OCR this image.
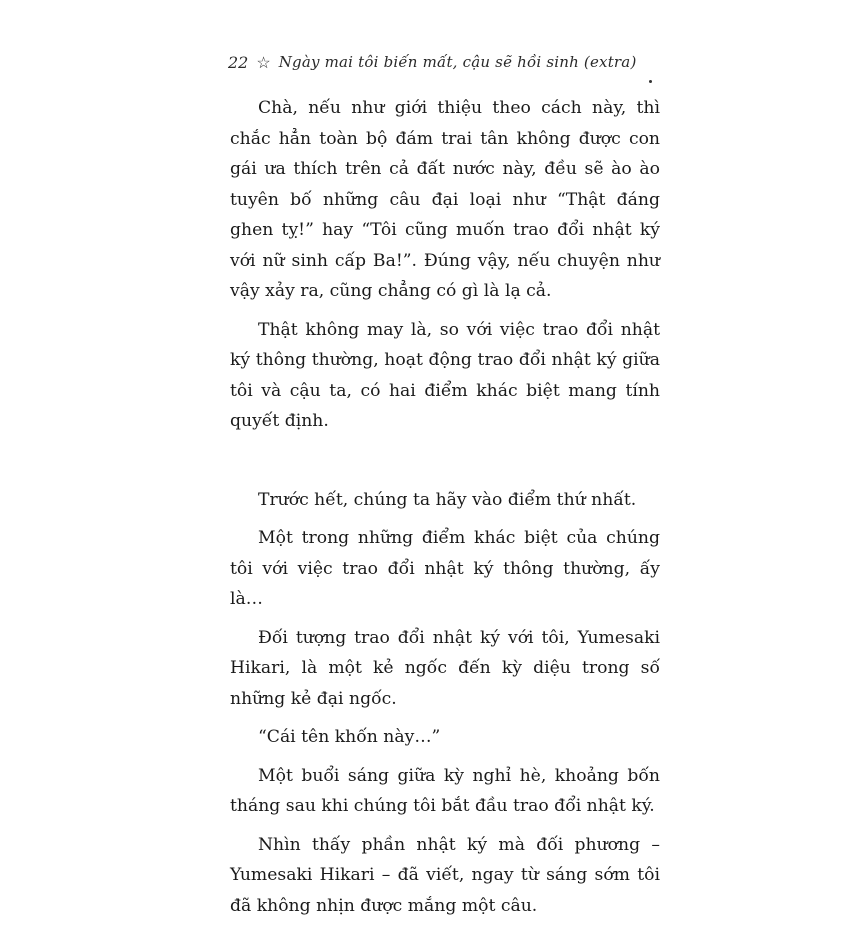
22 ☆ Ngày mai tôi biến mất, cậu sẽ hồi sinh (extra)

Chà, nếu như giới thiệu theo cách này, thì chắc hẳn toàn bộ đám trai tân không được con gái ưa thích trên cả đất nước này, đều sẽ ào ào tuyên bố những câu đại loại như “Thật đáng ghen tỵ!” hay “Tôi cũng muốn trao đổi nhật ký với nữ sinh cấp Ba!”. Đúng vậy, nếu chuyện như vậy xảy ra, cũng chẳng có gì là lạ cả.

Thật không may là, so với việc trao đổi nhật ký thông thường, hoạt động trao đổi nhật ký giữa tôi và cậu ta, có hai điểm khác biệt mang tính quyết định.

Trước hết, chúng ta hãy vào điểm thứ nhất.

Một trong những điểm khác biệt của chúng tôi với việc trao đổi nhật ký thông thường, ấy là…

Đối tượng trao đổi nhật ký với tôi, Yumesaki Hikari, là một kẻ ngốc đến kỳ diệu trong số những kẻ đại ngốc.

“Cái tên khốn này…”

Một buổi sáng giữa kỳ nghỉ hè, khoảng bốn tháng sau khi chúng tôi bắt đầu trao đổi nhật ký.

Nhìn thấy phần nhật ký mà đối phương – Yumesaki Hikari – đã viết, ngay từ sáng sớm tôi đã không nhịn được mắng một câu.
